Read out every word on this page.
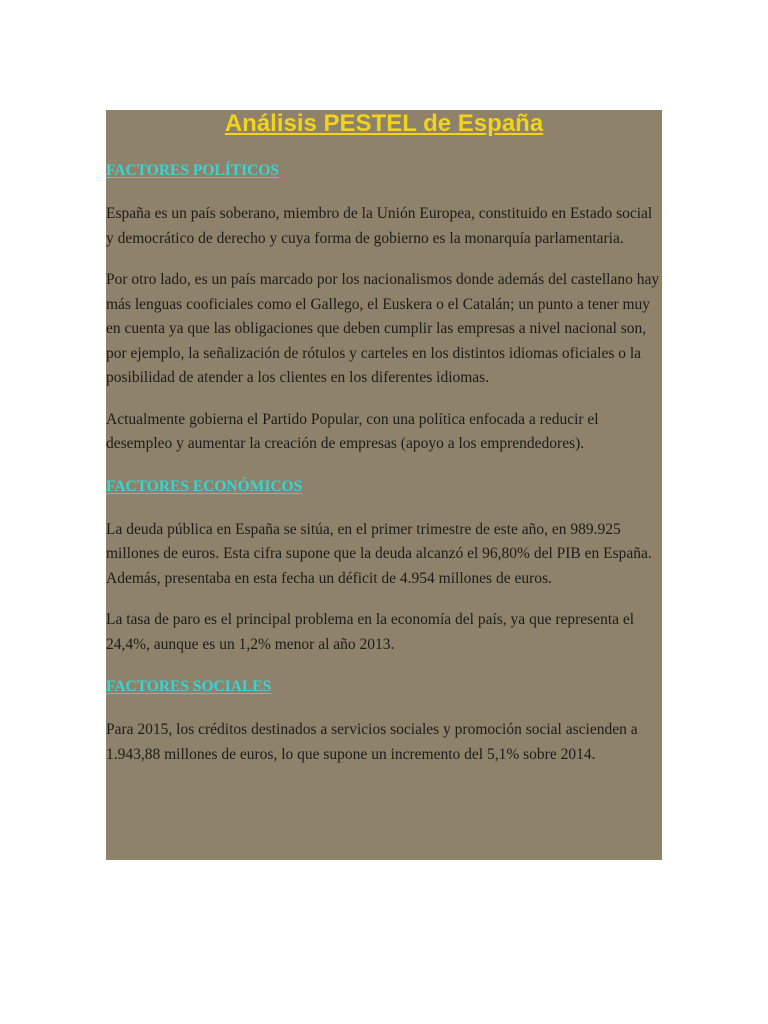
Análisis PESTEL de España
FACTORES POLÍTICOS

España es un país soberano, miembro de la Unión Europea, constituido en Estado social y democrático de derecho y cuya forma de gobierno es la monarquía parlamentaria.

Por otro lado, es un país marcado por los nacionalismos donde además del castellano hay más lenguas cooficiales como el Gallego, el Euskera o el Catalán; un punto a tener muy en cuenta ya que las obligaciones que deben cumplir las empresas a nivel nacional son, por ejemplo, la señalización de rótulos y carteles en los distintos idiomas oficiales o la posibilidad de atender a los clientes en los diferentes idiomas.

Actualmente gobierna el Partido Popular, con una política enfocada a reducir el desempleo y aumentar la creación de empresas (apoyo a los emprendedores).

FACTORES ECONÓMICOS

La deuda pública en España se sitúa, en el primer trimestre de este año, en 989.925 millones de euros. Esta cifra supone que la deuda alcanzó el 96,80% del PIB en España. Además, presentaba en esta fecha un déficit de 4.954 millones de euros.

La tasa de paro es el principal problema en la economía del país, ya que representa el 24,4%, aunque es un 1,2% menor al año 2013.

FACTORES SOCIALES

Para 2015, los créditos destinados a servicios sociales y promoción social ascienden a 1.943,88 millones de euros, lo que supone un incremento del 5,1% sobre 2014.
